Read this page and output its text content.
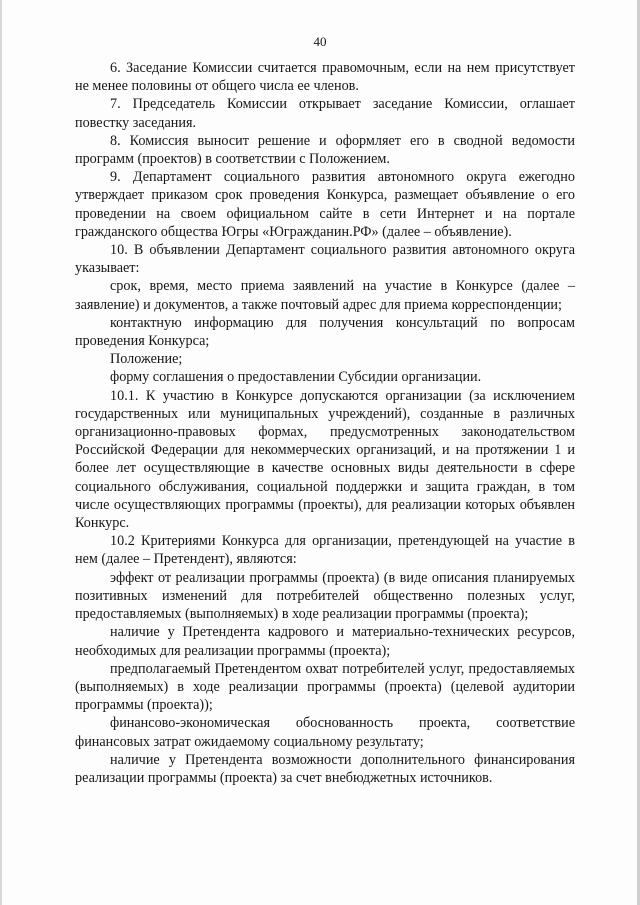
40

6. Заседание Комиссии считается правомочным, если на нем присутствует не менее половины от общего числа ее членов.

7. Председатель Комиссии открывает заседание Комиссии, оглашает повестку заседания.

8. Комиссия выносит решение и оформляет его в сводной ведомости программ (проектов) в соответствии с Положением.

9. Департамент социального развития автономного округа ежегодно утверждает приказом срок проведения Конкурса, размещает объявление о его проведении на своем официальном сайте в сети Интернет и на портале гражданского общества Югры «Югражданин.РФ» (далее – объявление).

10. В объявлении Департамент социального развития автономного округа указывает:

срок, время, место приема заявлений на участие в Конкурсе (далее – заявление) и документов, а также почтовый адрес для приема корреспонденции;

контактную информацию для получения консультаций по вопросам проведения Конкурса;

Положение;

форму соглашения о предоставлении Субсидии организации.

10.1. К участию в Конкурсе допускаются организации (за исключением государственных или муниципальных учреждений), созданные в различных организационно-правовых формах, предусмотренных законодательством Российской Федерации для некоммерческих организаций, и на протяжении 1 и более лет осуществляющие в качестве основных виды деятельности в сфере социального обслуживания, социальной поддержки и защита граждан, в том числе осуществляющих программы (проекты), для реализации которых объявлен Конкурс.

10.2 Критериями Конкурса для организации, претендующей на участие в нем (далее – Претендент), являются:

эффект от реализации программы (проекта) (в виде описания планируемых позитивных изменений для потребителей общественно полезных услуг, предоставляемых (выполняемых) в ходе реализации программы (проекта);

наличие у Претендента кадрового и материально-технических ресурсов, необходимых для реализации программы (проекта);

предполагаемый Претендентом охват потребителей услуг, предоставляемых (выполняемых) в ходе реализации программы (проекта) (целевой аудитории программы (проекта));

финансово-экономическая обоснованность проекта, соответствие финансовых затрат ожидаемому социальному результату;

наличие у Претендента возможности дополнительного финансирования реализации программы (проекта) за счет внебюджетных источников.
